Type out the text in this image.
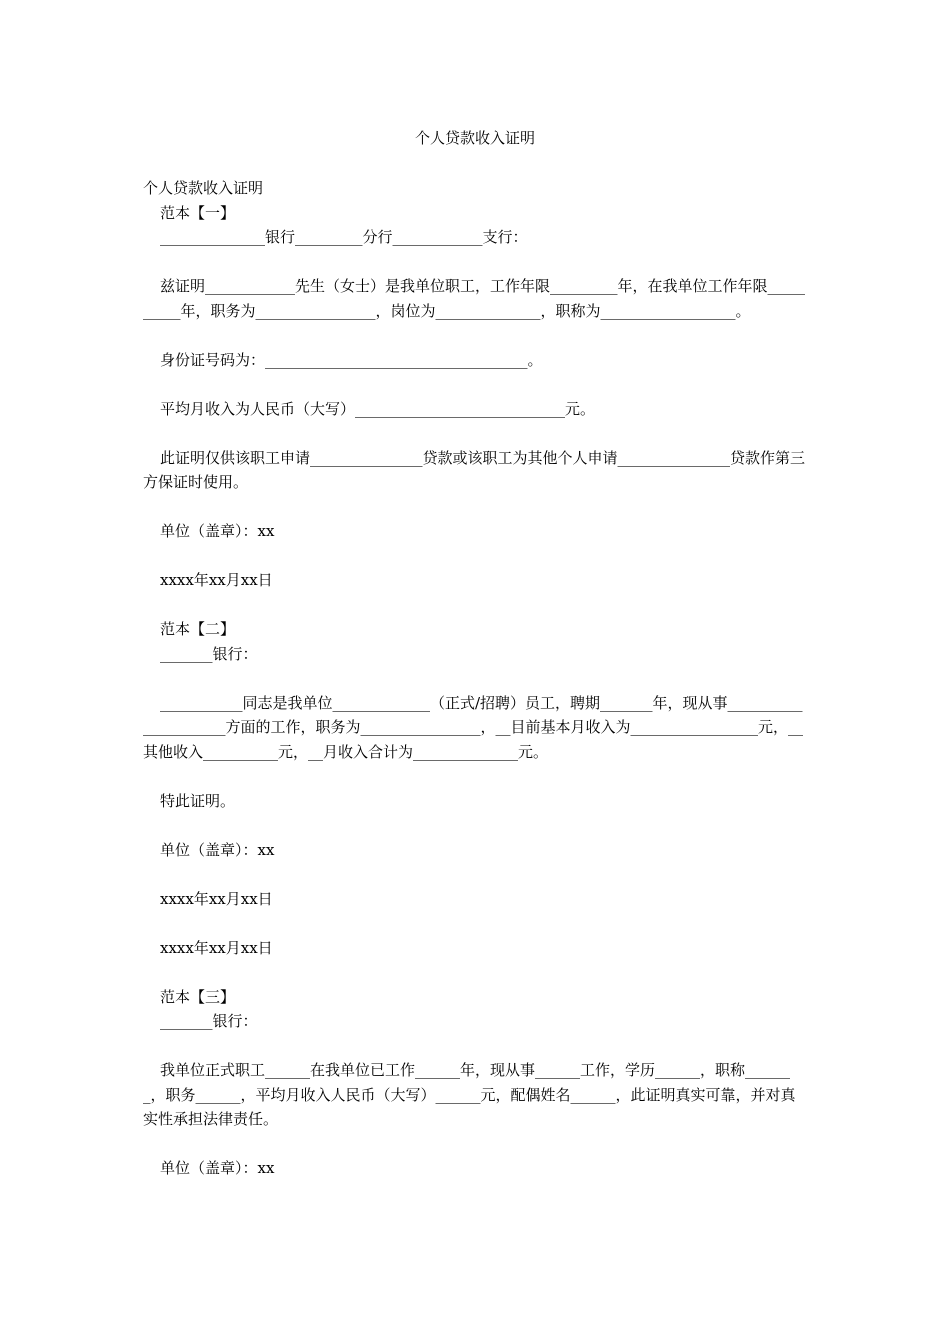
个人贷款收入证明

个人贷款收入证明

范本【一】

______________银行_________分行____________支行：

兹证明____________先生（女士）是我单位职工，工作年限_________年，在我单位工作年限__________年，职务为________________，岗位为______________，职称为__________________。

身份证号码为：___________________________________。

平均月收入为人民币（大写）____________________________元。

此证明仅供该职工申请_______________贷款或该职工为其他个人申请_______________贷款作第三方保证时使用。

单位（盖章）：xx

xxxx年xx月xx日

范本【二】

_______银行：

___________同志是我单位_____________（正式/招聘）员工，聘期_______年，现从事_____________________方面的工作，职务为________________，__目前基本月收入为_________________元，__其他收入__________元，__月收入合计为______________元。

特此证明。

单位（盖章）：xx

xxxx年xx月xx日

xxxx年xx月xx日

范本【三】

_______银行：

我单位正式职工______在我单位已工作______年，现从事______工作，学历______，职称_______，职务______，平均月收入人民币（大写）______元，配偶姓名______，此证明真实可靠，并对真实性承担法律责任。

单位（盖章）：xx
